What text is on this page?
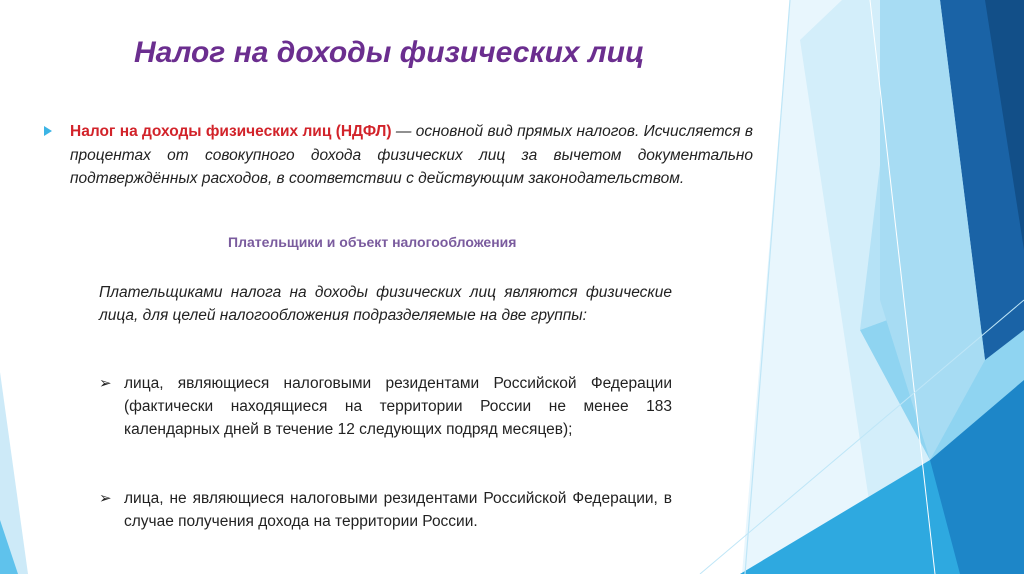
Налог на доходы физических лиц

Налог на доходы физических лиц (НДФЛ) — основной вид прямых налогов. Исчисляется в процентах от совокупного дохода физических лиц за вычетом документально подтверждённых расходов, в соответствии с действующим законодательством.

Плательщики и объект налогообложения

Плательщиками налога на доходы физических лиц являются физические лица, для целей налогообложения подразделяемые на две группы:

➢ лица, являющиеся налоговыми резидентами Российской Федерации (фактически находящиеся на территории России не менее 183 календарных дней в течение 12 следующих подряд месяцев);
➢ лица, не являющиеся налоговыми резидентами Российской Федерации, в случае получения дохода на территории России.
